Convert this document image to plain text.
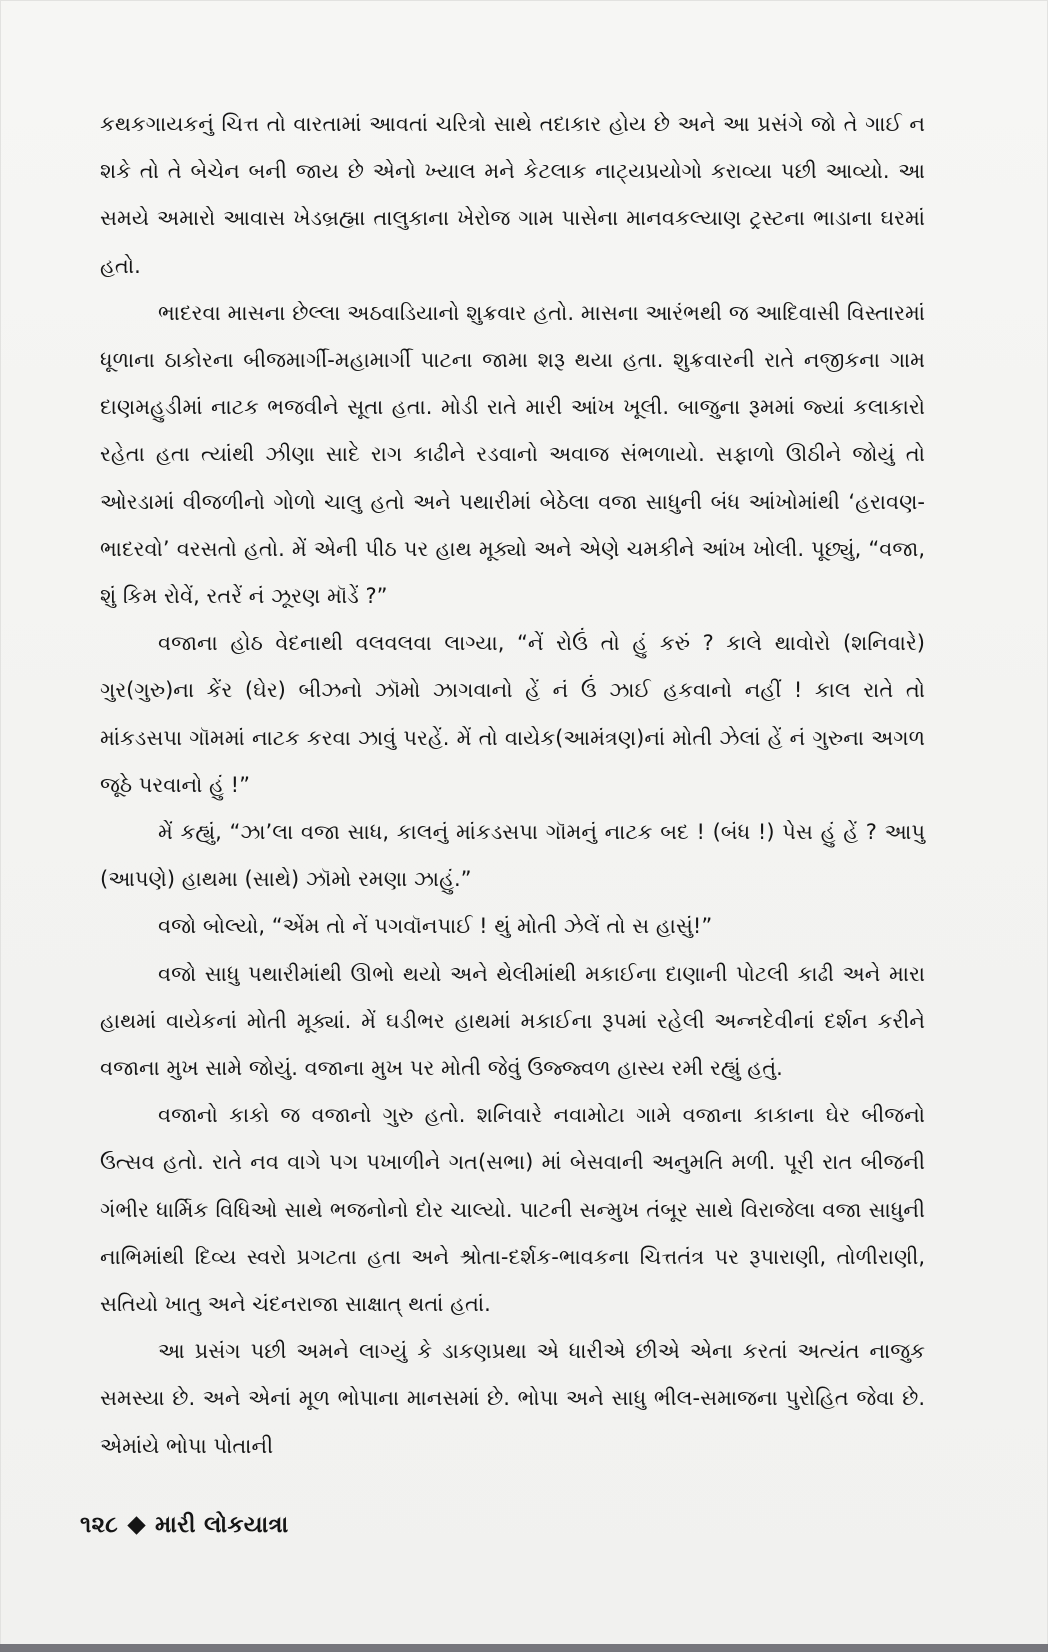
કથકગાયકનું ચિત્ત તો વારતામાં આવતાં ચરિત્રો સાથે તદાકાર હોય છે અને આ પ્રસંગે જો તે ગાઈ ન શકે તો તે બેચેન બની જાય છે એનો ખ્યાલ મને કેટલાક નાટ્યપ્રયોગો કરાવ્યા પછી આવ્યો. આ સમયે અમારો આવાસ ખેડબ્રહ્મા તાલુકાના ખેરોજ ગામ પાસેના માનવકલ્યાણ ટ્રસ્ટના ભાડાના ઘરમાં હતો.

ભાદરવા માસના છેલ્લા અઠવાડિયાનો શુક્રવાર હતો. માસના આરંભથી જ આદિવાસી વિસ્તારમાં ધૂળાના ઠાકોરના બીજમાર્ગી-મહામાર્ગી પાટના જામા શરૂ થયા હતા. શુક્રવારની રાતે નજીકના ગામ દાણમહુડીમાં નાટક ભજવીને સૂતા હતા. મોડી રાતે મારી આંખ ખૂલી. બાજુના રૂમમાં જ્યાં કલાકારો રહેતા હતા ત્યાંથી ઝીણા સાદે રાગ કાઢીને રડવાનો અવાજ સંભળાયો. સફાળો ઊઠીને જોયું તો ઓરડામાં વીજળીનો ગોળો ચાલુ હતો અને પથારીમાં બેઠેલા વજા સાધુની બંધ આંખોમાંથી ‘હરાવણ-ભાદરવો’ વરસતો હતો. મેં એની પીઠ પર હાથ મૂક્યો અને એણે ચમકીને આંખ ખોલી. પૂછ્યું, “વજા, શું કિમ રોવેં, રતરેં નં ઝૂરણ મૉડેં ?”

વજાના હોઠ વેદનાથી વલવલવા લાગ્યા, “નેં રોઉં તો હું કરું ? કાલે થાવોરો (શનિવારે) ગુર(ગુરુ)ના કેંર (ઘેર) બીઝનો ઝૉમો ઝાગવાનો હેં નં ઉં ઝાઈ હકવાનો નહીં ! કાલ રાતે તો માંકડસપા ગૉમમાં નાટક કરવા ઝાવું પરહેં. મેં તો વાયેક(આમંત્રણ)નાં મોતી ઝેલાં હેં નં ગુરુના અગળ જૂઠે પરવાનો હું !”

મેં કહ્યું, “ઝા’લા વજા સાધ, કાલનું માંકડસપા ગૉમનું નાટક બદ ! (બંધ !) પેસ હું હેં ? આપુ (આપણે) હાથમા (સાથે) ઝૉમો રમણા ઝાહું.”

વજો બોલ્યો, “એંમ તો નેં પગવૉનપાઈ ! થું મોતી ઝેલેં તો સ હાસું!”

વજો સાધુ પથારીમાંથી ઊભો થયો અને થેલીમાંથી મકાઈના દાણાની પોટલી કાઢી અને મારા હાથમાં વાયેકનાં મોતી મૂક્યાં. મેં ઘડીભર હાથમાં મકાઈના રૂપમાં રહેલી અન્નદેવીનાં દર્શન કરીને વજાના મુખ સામે જોયું. વજાના મુખ પર મોતી જેવું ઉજ્જ્વળ હાસ્ય રમી રહ્યું હતું.

વજાનો કાકો જ વજાનો ગુરુ હતો. શનિવારે નવામોટા ગામે વજાના કાકાના ઘેર બીજનો ઉત્સવ હતો. રાતે નવ વાગે પગ પખાળીને ગત(સભા) માં બેસવાની અનુમતિ મળી. પૂરી રાત બીજની ગંભીર ધાર્મિક વિધિઓ સાથે ભજનોનો દોર ચાલ્યો. પાટની સન્મુખ તંબૂર સાથે વિરાજેલા વજા સાધુની નાભિમાંથી દિવ્ય સ્વરો પ્રગટતા હતા અને શ્રોતા-દર્શક-ભાવકના ચિત્તતંત્ર પર રૂપારાણી, તોળીરાણી, સતિયો ખાતુ અને ચંદનરાજા સાક્ષાત્ થતાં હતાં.

આ પ્રસંગ પછી અમને લાગ્યું કે ડાકણપ્રથા એ ધારીએ છીએ એના કરતાં અત્યંત નાજુક સમસ્યા છે. અને એનાં મૂળ ભોપાના માનસમાં છે. ભોપા અને સાધુ ભીલ-સમાજના પુરોહિત જેવા છે. એમાંયે ભોપા પોતાની

૧૨૮ મારી લોકયાત્રા
